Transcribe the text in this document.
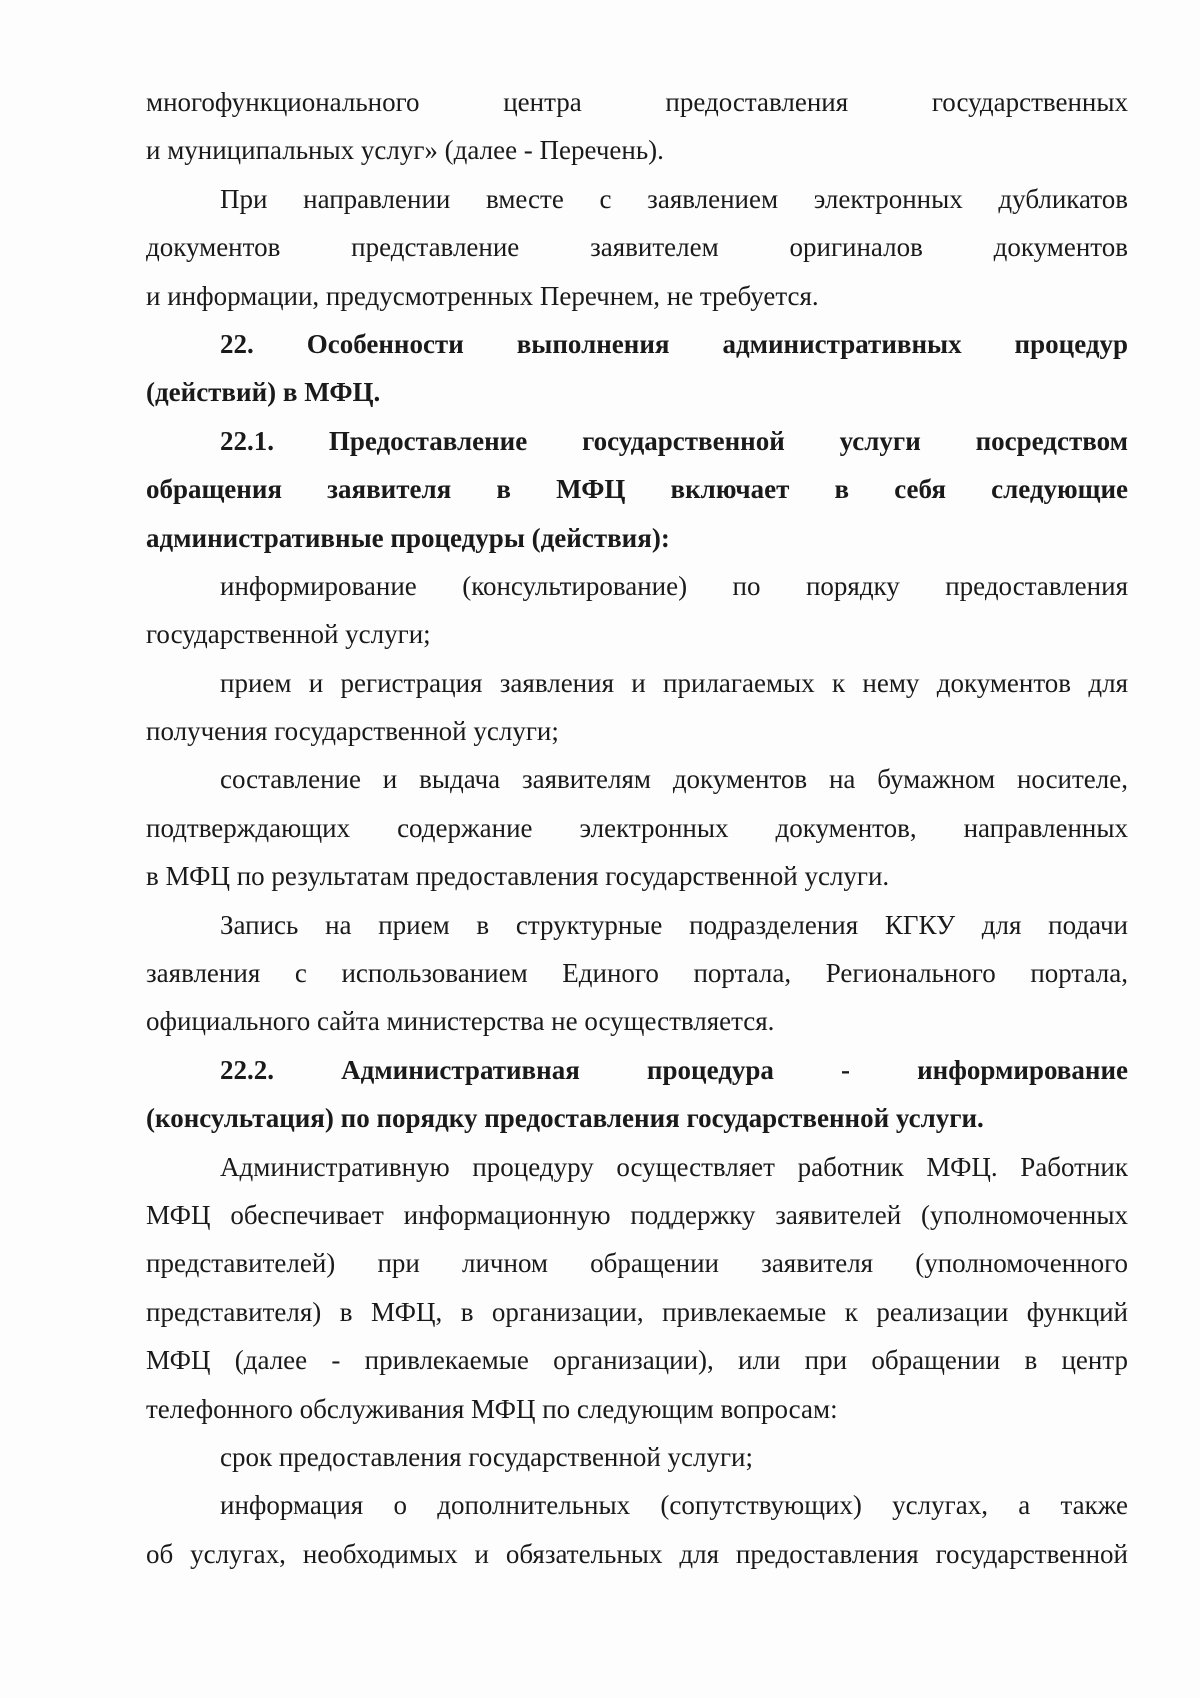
многофункционального центра предоставления государственных
и муниципальных услуг» (далее - Перечень).
При направлении вместе с заявлением электронных дубликатов
документов представление заявителем оригиналов документов
и информации, предусмотренных Перечнем, не требуется.
22. Особенности выполнения административных процедур
(действий) в МФЦ.
22.1. Предоставление государственной услуги посредством
обращения заявителя в МФЦ включает в себя следующие
административные процедуры (действия):
информирование (консультирование) по порядку предоставления
государственной услуги;
прием и регистрация заявления и прилагаемых к нему документов для
получения государственной услуги;
составление и выдача заявителям документов на бумажном носителе,
подтверждающих содержание электронных документов, направленных
в МФЦ по результатам предоставления государственной услуги.
Запись на прием в структурные подразделения КГКУ для подачи
заявления с использованием Единого портала, Регионального портала,
официального сайта министерства не осуществляется.
22.2. Административная процедура - информирование
(консультация) по порядку предоставления государственной услуги.
Административную процедуру осуществляет работник МФЦ. Работник
МФЦ обеспечивает информационную поддержку заявителей (уполномоченных
представителей) при личном обращении заявителя (уполномоченного
представителя) в МФЦ, в организации, привлекаемые к реализации функций
МФЦ (далее - привлекаемые организации), или при обращении в центр
телефонного обслуживания МФЦ по следующим вопросам:
срок предоставления государственной услуги;
информация о дополнительных (сопутствующих) услугах, а также
об услугах, необходимых и обязательных для предоставления государственной
